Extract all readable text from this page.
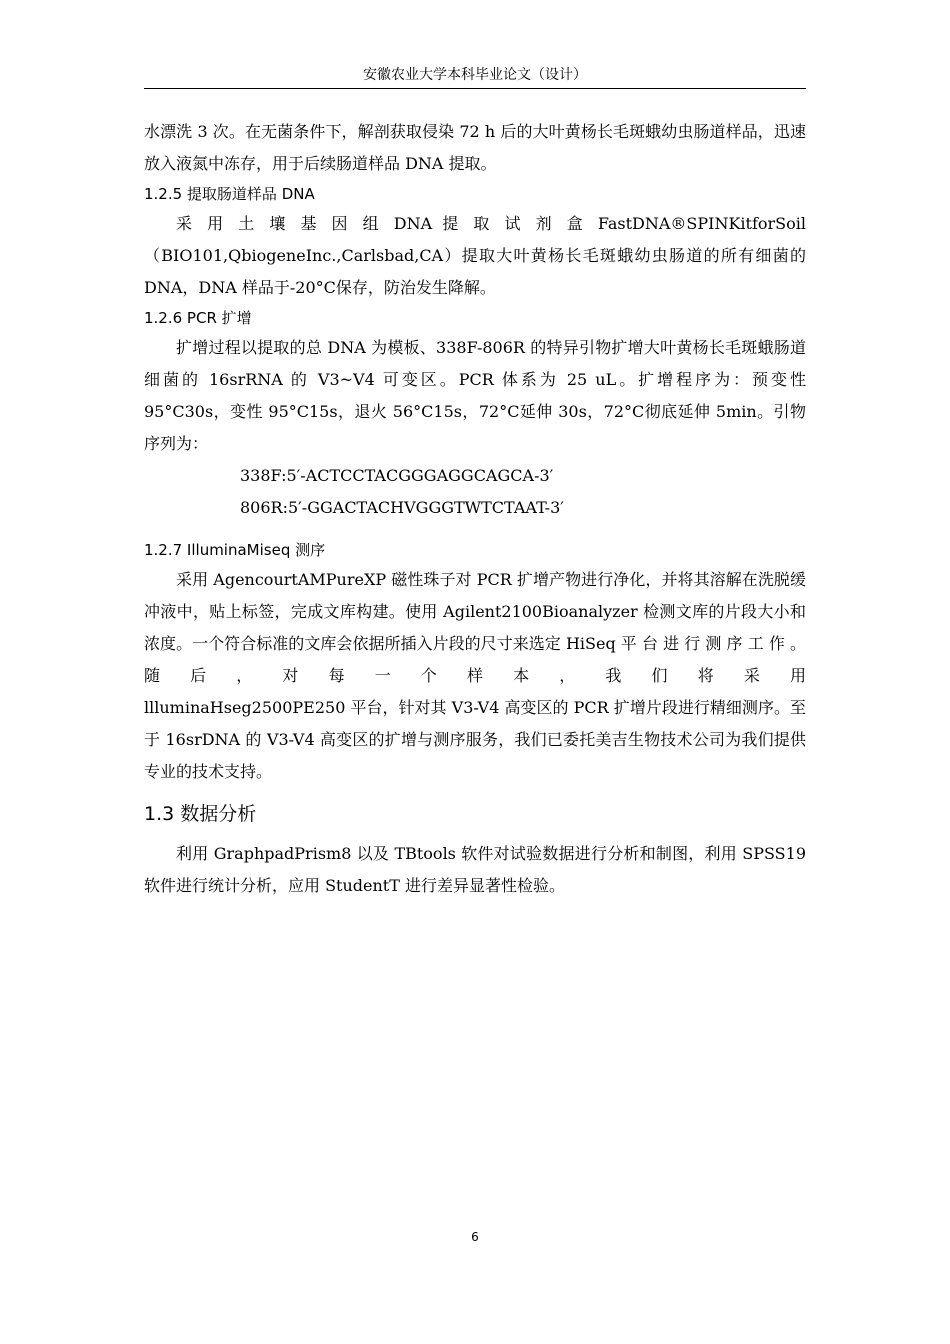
安徽农业大学本科毕业论文（设计）

水漂洗 3 次。在无菌条件下，解剖获取侵染 72 h 后的大叶黄杨长毛斑蛾幼虫肠道样品，迅速放入液氮中冻存，用于后续肠道样品 DNA 提取。

1.2.5 提取肠道样品 DNA

采 用 土 壤 基 因 组 DNA 提 取 试 剂 盒 FastDNA®SPINKitforSoil

（BIO101,QbiogeneInc.,Carlsbad,CA）提取大叶黄杨长毛斑蛾幼虫肠道的所有细菌的 DNA，DNA 样品于-20°C保存，防治发生降解。

1.2.6 PCR 扩增

扩增过程以提取的总 DNA 为模板、338F-806R 的特异引物扩增大叶黄杨长毛斑蛾肠道细菌的 16srRNA 的 V3~V4 可变区。PCR 体系为 25 uL。扩增程序为：预变性 95°C30s，变性 95°C15s，退火 56°C15s，72°C延伸 30s，72°C彻底延伸 5min。引物序列为：

338F:5′-ACTCCTACGGGAGGCAGCA-3′

806R:5′-GGACTACHVGGGTWTCTAAT-3′

1.2.7 IlluminaMiseq 测序

采用 AgencourtAMPureXP 磁性珠子对 PCR 扩增产物进行净化，并将其溶解在洗脱缓冲液中，贴上标签，完成文库构建。使用 Agilent2100Bioanalyzer 检测文库的片段大小和浓度。一个符合标准的文库会依据所插入片段的尺寸来选定 HiSeq 平 台 进 行 测 序 工 作 。 随 后 ， 对 每 一 个 样 本 ， 我 们 将 采 用

llluminaHseg2500PE250 平台，针对其 V3-V4 高变区的 PCR 扩增片段进行精细测序。至于 16srDNA 的 V3-V4 高变区的扩增与测序服务，我们已委托美吉生物技术公司为我们提供专业的技术支持。

1.3 数据分析

利用 GraphpadPrism8 以及 TBtools 软件对试验数据进行分析和制图，利用 SPSS19 软件进行统计分析，应用 StudentT 进行差异显著性检验。

6
